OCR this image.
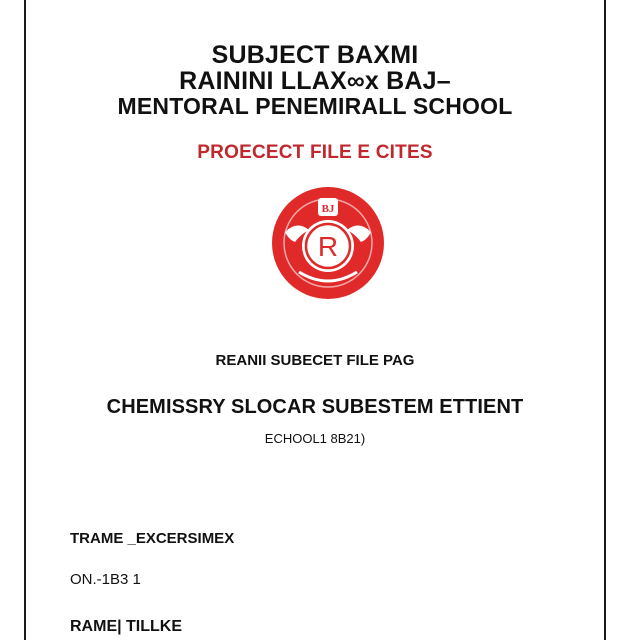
SUBJECT BAXMI
RAININI LLAX∞x BAJ–
MENTORAL PENEMIRALL SCHOOL
PROECECT FILE E CITES
BJ
R
REANII SUBECET FILE PAG
CHEMISSRY SLOCAR SUBESTEM ETTIENT
ECHOOL1 8B21)
TRAME _EXCERSIMEX
ON.-1B3 1
RAME| TILLKE
